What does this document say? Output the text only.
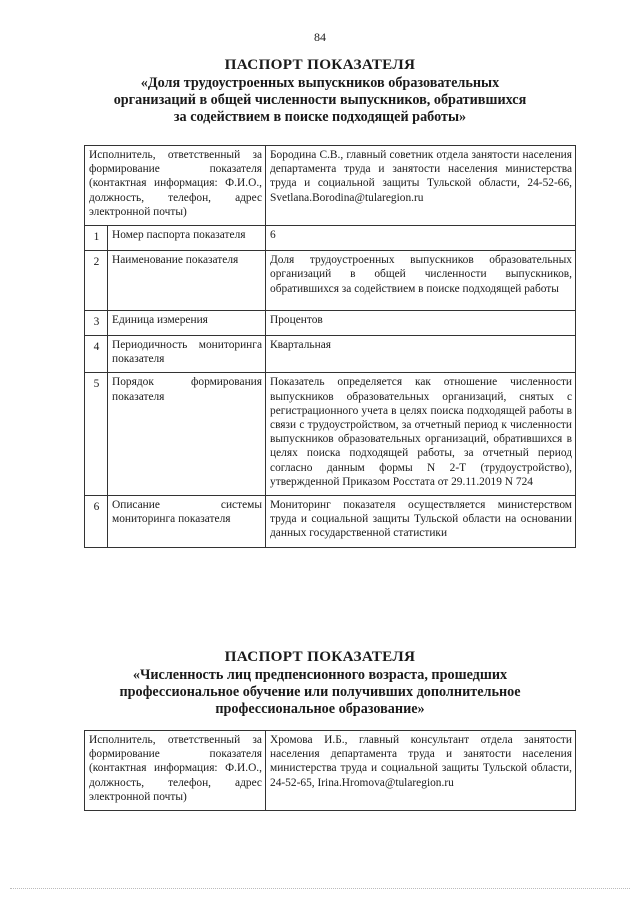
84
ПАСПОРТ ПОКАЗАТЕЛЯ
«Доля трудоустроенных выпускников образовательных
организаций в общей численности выпускников, обратившихся
за содействием в поиске подходящей работы»
Исполнитель, ответственный за формирование показателя (контактная информация: Ф.И.О., должность, телефон, адрес электронной почты)		Бородина С.В., главный советник отдела занятости населения департамента труда и занятости населения министерства труда и социальной защиты Тульской области, 24-52-66, Svetlana.Borodina@tularegion.ru
1	Номер паспорта показателя	6
2	Наименование показателя	Доля трудоустроенных выпускников образовательных организаций в общей численности выпускников, обратившихся за содействием в поиске подходящей работы
3	Единица измерения	Процентов
4	Периодичность мониторинга показателя	Квартальная
5	Порядок формирования показателя	Показатель определяется как отношение численности выпускников образовательных организаций, снятых с регистрационного учета в целях поиска подходящей работы в связи с трудоустройством, за отчетный период к численности выпускников образовательных организаций, обратившихся в целях поиска подходящей работы, за отчетный период согласно данным формы N 2-Т (трудоустройство), утвержденной Приказом Росстата от 29.11.2019 N 724
6	Описание системы мониторинга показателя	Мониторинг показателя осуществляется министерством труда и социальной защиты Тульской области на основании данных государственной статистики
ПАСПОРТ ПОКАЗАТЕЛЯ
«Численность лиц предпенсионного возраста, прошедших
профессиональное обучение или получивших дополнительное
профессиональное образование»
Исполнитель, ответственный за формирование показателя (контактная информация: Ф.И.О., должность, телефон, адрес электронной почты)	Хромова И.Б., главный консультант отдела занятости населения департамента труда и занятости населения министерства труда и социальной защиты Тульской области, 24-52-65, Irina.Hromova@tularegion.ru
